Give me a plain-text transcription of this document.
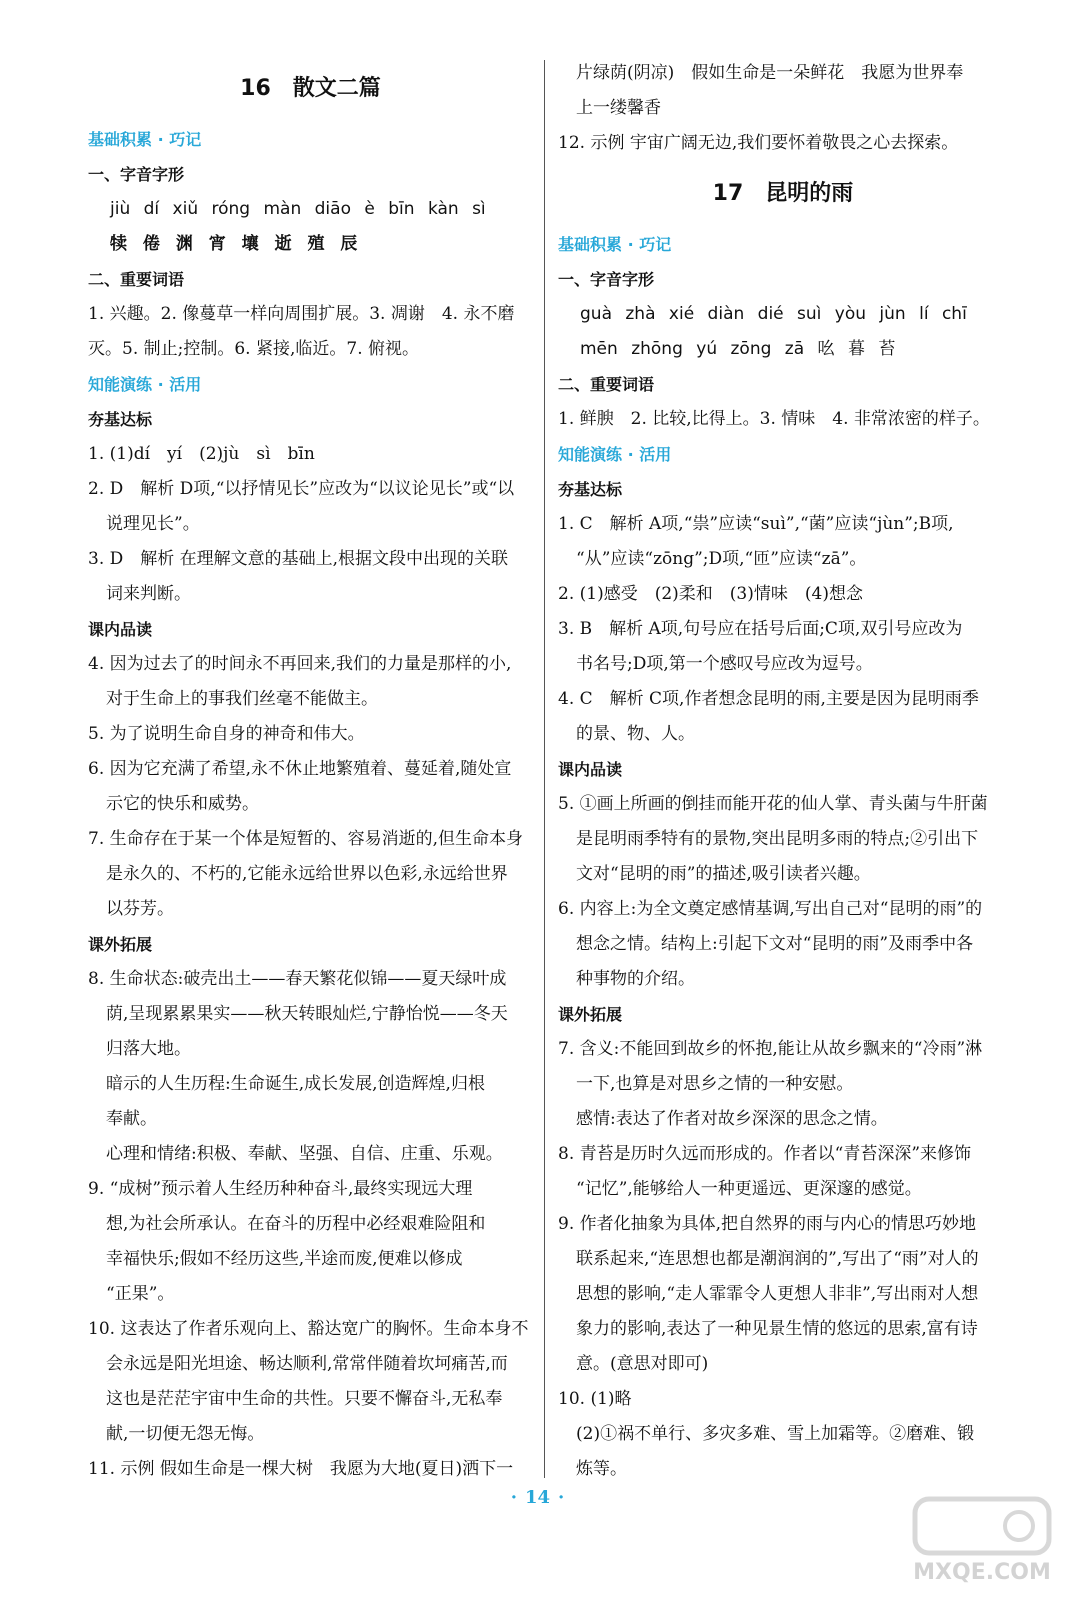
16 散文二篇
基础积累 · 巧记
一、字音字形
jiù dí xiǔ róng màn diāo è bīn kàn sì
犊 倦 渊 宵 壤 逝 殖 辰
二、重要词语
1. 兴趣。2. 像蔓草一样向周围扩展。3. 凋谢　4. 永不磨
灭。5. 制止;控制。6. 紧接,临近。7. 俯视。
知能演练 · 活用
夯基达标
1. (1)dí　yí　(2)jù　sì　bīn
2. D　解析 D项,“以抒情见长”应改为“以议论见长”或“以
说理见长”。
3. D　解析 在理解文意的基础上,根据文段中出现的关联
词来判断。
课内品读
4. 因为过去了的时间永不再回来,我们的力量是那样的小,
对于生命上的事我们丝毫不能做主。
5. 为了说明生命自身的神奇和伟大。
6. 因为它充满了希望,永不休止地繁殖着、蔓延着,随处宣
示它的快乐和威势。
7. 生命存在于某一个体是短暂的、容易消逝的,但生命本身
是永久的、不朽的,它能永远给世界以色彩,永远给世界
以芬芳。
课外拓展
8. 生命状态:破壳出土——春天繁花似锦——夏天绿叶成
荫,呈现累累果实——秋天转眼灿烂,宁静怡悦——冬天
归落大地。
暗示的人生历程:生命诞生,成长发展,创造辉煌,归根
奉献。
心理和情绪:积极、奉献、坚强、自信、庄重、乐观。
9. “成树”预示着人生经历种种奋斗,最终实现远大理
想,为社会所承认。在奋斗的历程中必经艰难险阻和
幸福快乐;假如不经历这些,半途而废,便难以修成
“正果”。
10. 这表达了作者乐观向上、豁达宽广的胸怀。生命本身不
会永远是阳光坦途、畅达顺利,常常伴随着坎坷痛苦,而
这也是茫茫宇宙中生命的共性。只要不懈奋斗,无私奉
献,一切便无怨无悔。
11. 示例 假如生命是一棵大树　我愿为大地(夏日)洒下一
片绿荫(阴凉)　假如生命是一朵鲜花　我愿为世界奉
上一缕馨香
12. 示例 宇宙广阔无边,我们要怀着敬畏之心去探索。
17 昆明的雨
基础积累 · 巧记
一、字音字形
guà zhà xié diàn dié suì yòu jùn lí chī
mēn zhōng yú zōng zā 吆 暮 苔
二、重要词语
1. 鲜腴　2. 比较,比得上。3. 情味　4. 非常浓密的样子。
知能演练 · 活用
夯基达标
1. C　解析 A项,“祟”应读“suì”,“菌”应读“jùn”;B项,
“从”应读“zōng”;D项,“匝”应读“zā”。
2. (1)感受　(2)柔和　(3)情味　(4)想念
3. B　解析 A项,句号应在括号后面;C项,双引号应改为
书名号;D项,第一个感叹号应改为逗号。
4. C　解析 C项,作者想念昆明的雨,主要是因为昆明雨季
的景、物、人。
课内品读
5. ①画上所画的倒挂而能开花的仙人掌、青头菌与牛肝菌
是昆明雨季特有的景物,突出昆明多雨的特点;②引出下
文对“昆明的雨”的描述,吸引读者兴趣。
6. 内容上:为全文奠定感情基调,写出自己对“昆明的雨”的
想念之情。结构上:引起下文对“昆明的雨”及雨季中各
种事物的介绍。
课外拓展
7. 含义:不能回到故乡的怀抱,能让从故乡飘来的“冷雨”淋
一下,也算是对思乡之情的一种安慰。
感情:表达了作者对故乡深深的思念之情。
8. 青苔是历时久远而形成的。作者以“青苔深深”来修饰
“记忆”,能够给人一种更遥远、更深邃的感觉。
9. 作者化抽象为具体,把自然界的雨与内心的情思巧妙地
联系起来,“连思想也都是潮润润的”,写出了“雨”对人的
思想的影响,“走人霏霏令人更想人非非”,写出雨对人想
象力的影响,表达了一种见景生情的悠远的思索,富有诗
意。(意思对即可)
10. (1)略
(2)①祸不单行、多灾多难、雪上加霜等。②磨难、锻
炼等。
· 14 ·
MXQE.COM
